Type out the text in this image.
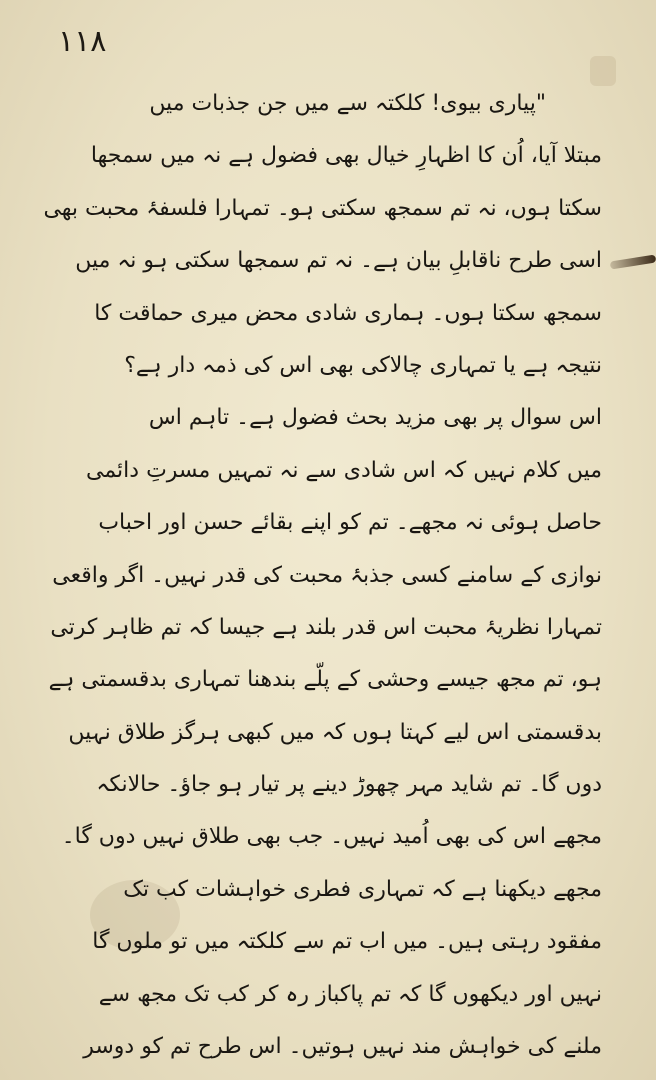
۱۱۸
"پیاری بیوی! کلکتہ سے میں جن جذبات میں
مبتلا آیا، اُن کا اظہارِ خیال بھی فضول ہے نہ میں سمجھا
سکتا ہوں، نہ تم سمجھ سکتی ہو۔ تمہارا فلسفۂ محبت بھی
اسی طرح ناقابلِ بیان ہے۔ نہ تم سمجھا سکتی ہو نہ میں
سمجھ سکتا ہوں۔ ہماری شادی محض میری حماقت کا
نتیجہ ہے یا تمہاری چالاکی بھی اس کی ذمہ دار ہے؟
اس سوال پر بھی مزید بحث فضول ہے۔ تاہم اس
میں کلام نہیں کہ اس شادی سے نہ تمہیں مسرتِ دائمی
حاصل ہوئی نہ مجھے۔ تم کو اپنے بقائے حسن اور احباب
نوازی کے سامنے کسی جذبۂ محبت کی قدر نہیں۔ اگر واقعی
تمہارا نظریۂ محبت اس قدر بلند ہے جیسا کہ تم ظاہر کرتی
ہو، تم مجھ جیسے وحشی کے پلّے بندھنا تمہاری بدقسمتی ہے
بدقسمتی اس لیے کہتا ہوں کہ میں کبھی ہرگز طلاق نہیں
دوں گا۔ تم شاید مہر چھوڑ دینے پر تیار ہو جاؤ۔ حالانکہ
مجھے اس کی بھی اُمید نہیں۔ جب بھی طلاق نہیں دوں گا۔
مجھے دیکھنا ہے کہ تمہاری فطری خواہشات کب تک
مفقود رہتی ہیں۔ میں اب تم سے کلکتہ میں تو ملوں گا
نہیں اور دیکھوں گا کہ تم پاکباز رہ کر کب تک مجھ سے
ملنے کی خواہش مند نہیں ہوتیں۔ اس طرح تم کو دوسر
